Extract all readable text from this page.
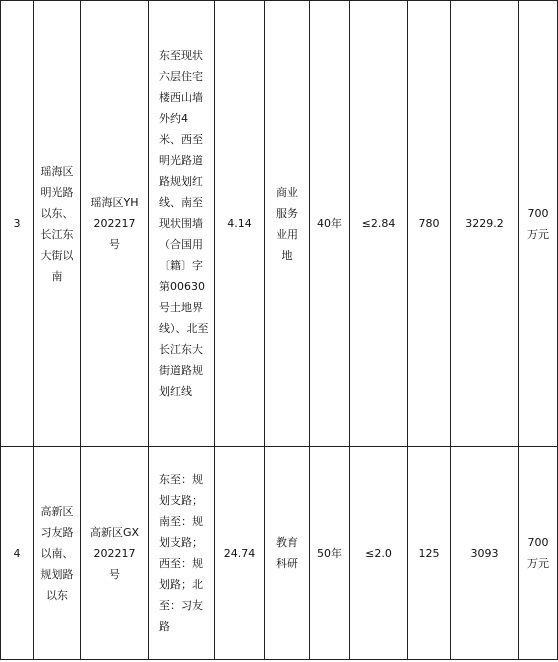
3	瑶海区明光路以东、长江东大街以南	瑶海区YH202217号	东至现状六层住宅楼西山墙外约4米、西至明光路道路规划红线、南至现状围墙（合国用〔籍〕字第00630号土地界线）、北至长江东大街道路规划红线	4.14	商业服务业用地	40年	≤2.84	780	3229.2	700万元

4	高新区习友路以南、规划路以东	高新区GX202217号	东至：规划支路；南至：规划支路；西至：规划路；北至：习友路	24.74	教育科研	50年	≤2.0	125	3093	700万元
